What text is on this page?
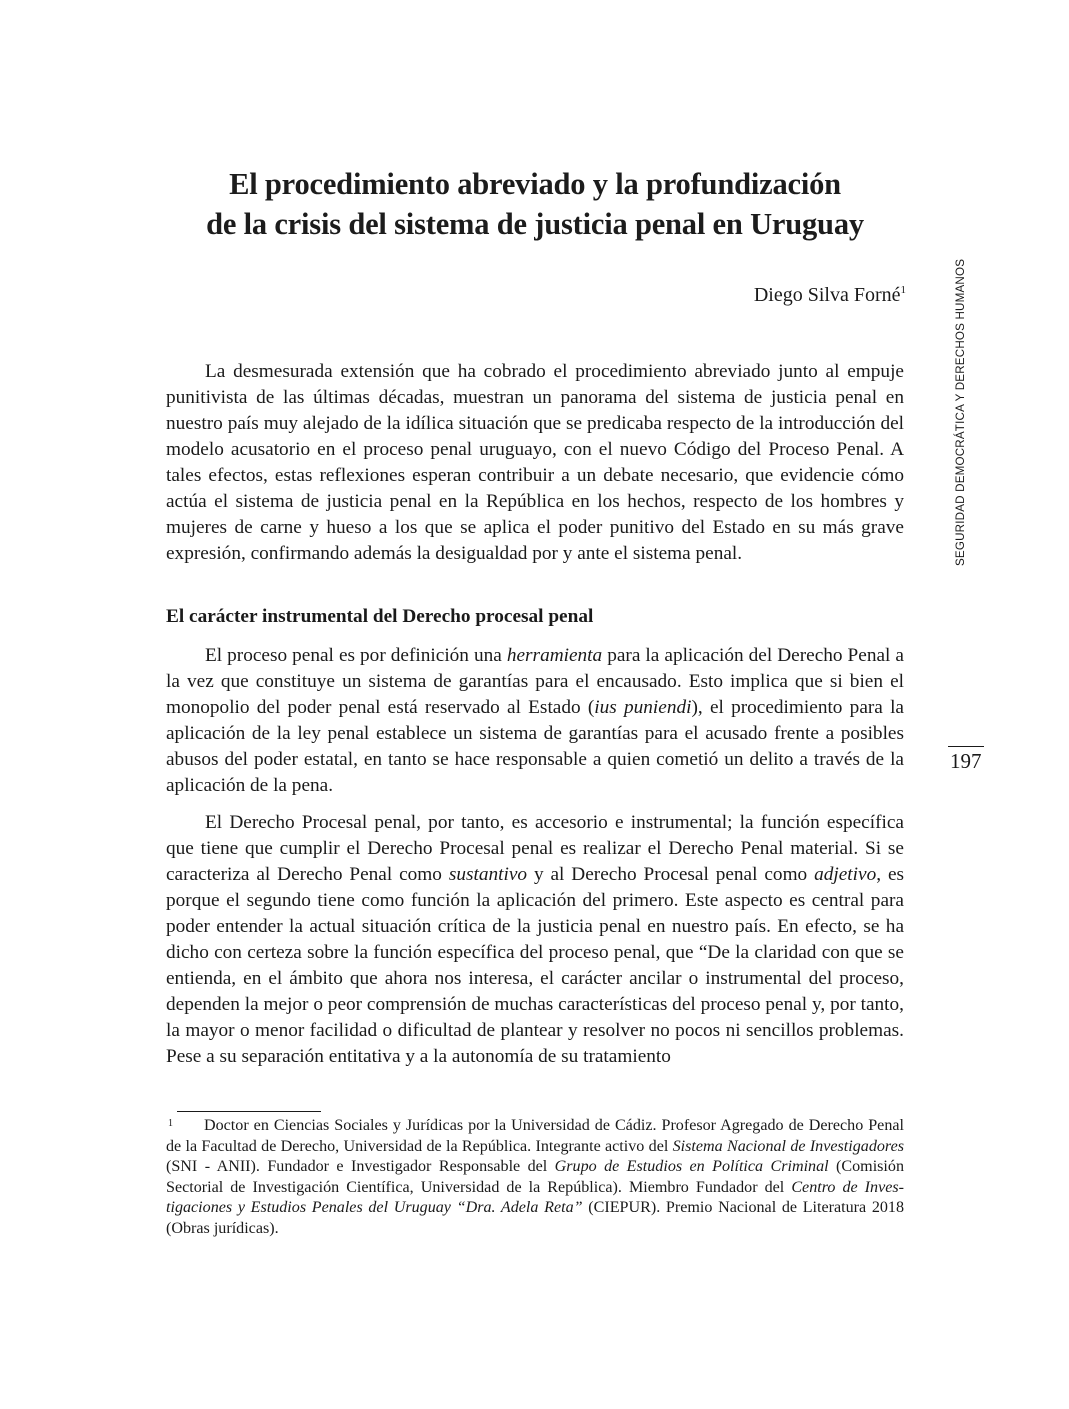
El procedimiento abreviado y la profundización
de la crisis del sistema de justicia penal en Uruguay
Diego Silva Forné$^1$

La desmesurada extensión que ha cobrado el procedimiento abreviado junto al empuje punitivista de las últimas décadas, muestran un panorama del sistema de justicia penal en nuestro país muy alejado de la idílica situación que se predicaba respecto de la introducción del modelo acusatorio en el proceso penal uruguayo, con el nuevo Código del Proceso Penal. A tales efectos, estas reflexiones esperan contribuir a un debate necesario, que evidencie cómo actúa el sistema de justicia penal en la República en los hechos, respecto de los hombres y mujeres de carne y hueso a los que se aplica el poder punitivo del Estado en su más grave expresión, confirmando además la desigualdad por y ante el sistema penal.

El carácter instrumental del Derecho procesal penal

El proceso penal es por definición una herramienta para la aplicación del Derecho Penal a la vez que constituye un sistema de garantías para el encausado. Esto implica que si bien el monopolio del poder penal está reservado al Estado (ius puniendi), el procedimiento para la aplicación de la ley penal establece un sistema de garantías para el acusado frente a posibles abusos del poder estatal, en tanto se hace responsable a quien cometió un delito a través de la aplicación de la pena.

El Derecho Procesal penal, por tanto, es accesorio e instrumental; la función específica que tiene que cumplir el Derecho Procesal penal es realizar el Derecho Penal material. Si se caracteriza al Derecho Penal como sustantivo y al Derecho Procesal penal como adjetivo, es porque el segundo tiene como función la aplicación del primero. Este aspecto es central para poder entender la actual situación crítica de la justicia penal en nuestro país. En efecto, se ha dicho con certeza sobre la función específica del proceso penal, que “De la claridad con que se entienda, en el ámbito que ahora nos interesa, el carácter ancilar o instrumental del proceso, dependen la mejor o peor comprensión de muchas características del proceso penal y, por tanto, la mayor o menor facilidad o dificultad de plantear y resolver no pocos ni sencillos problemas. Pese a su separación entitativa y a la autonomía de su tratamiento

1	Doctor en Ciencias Sociales y Jurídicas por la Universidad de Cádiz. Profesor Agregado de Derecho Penal de la Facultad de Derecho, Universidad de la República. Integrante activo del Sistema Nacional de Investigadores (SNI - ANII). Fundador e Investigador Responsable del Grupo de Estudios en Política Criminal (Comisión Sectorial de Investigación Científica, Universidad de la República). Miembro Fundador del Centro de Investigaciones y Estudios Penales del Uruguay “Dra. Adela Reta” (CIEPUR). Premio Nacional de Literatura 2018 (Obras jurídicas).
SEGURIDAD DEMOCRÁTICA Y DERECHOS HUMANOS
197
